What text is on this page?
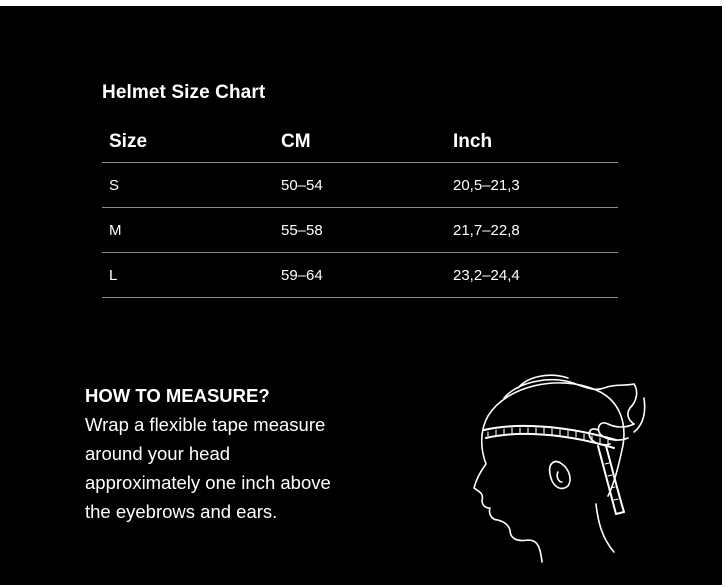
Helmet Size Chart
Size	CM	Inch
S	50–54	20,5–21,3
M	55–58	21,7–22,8
L	59–64	23,2–24,4
HOW TO MEASURE?
Wrap a flexible tape measure
around your head
approximately one inch above
the eyebrows and ears.
